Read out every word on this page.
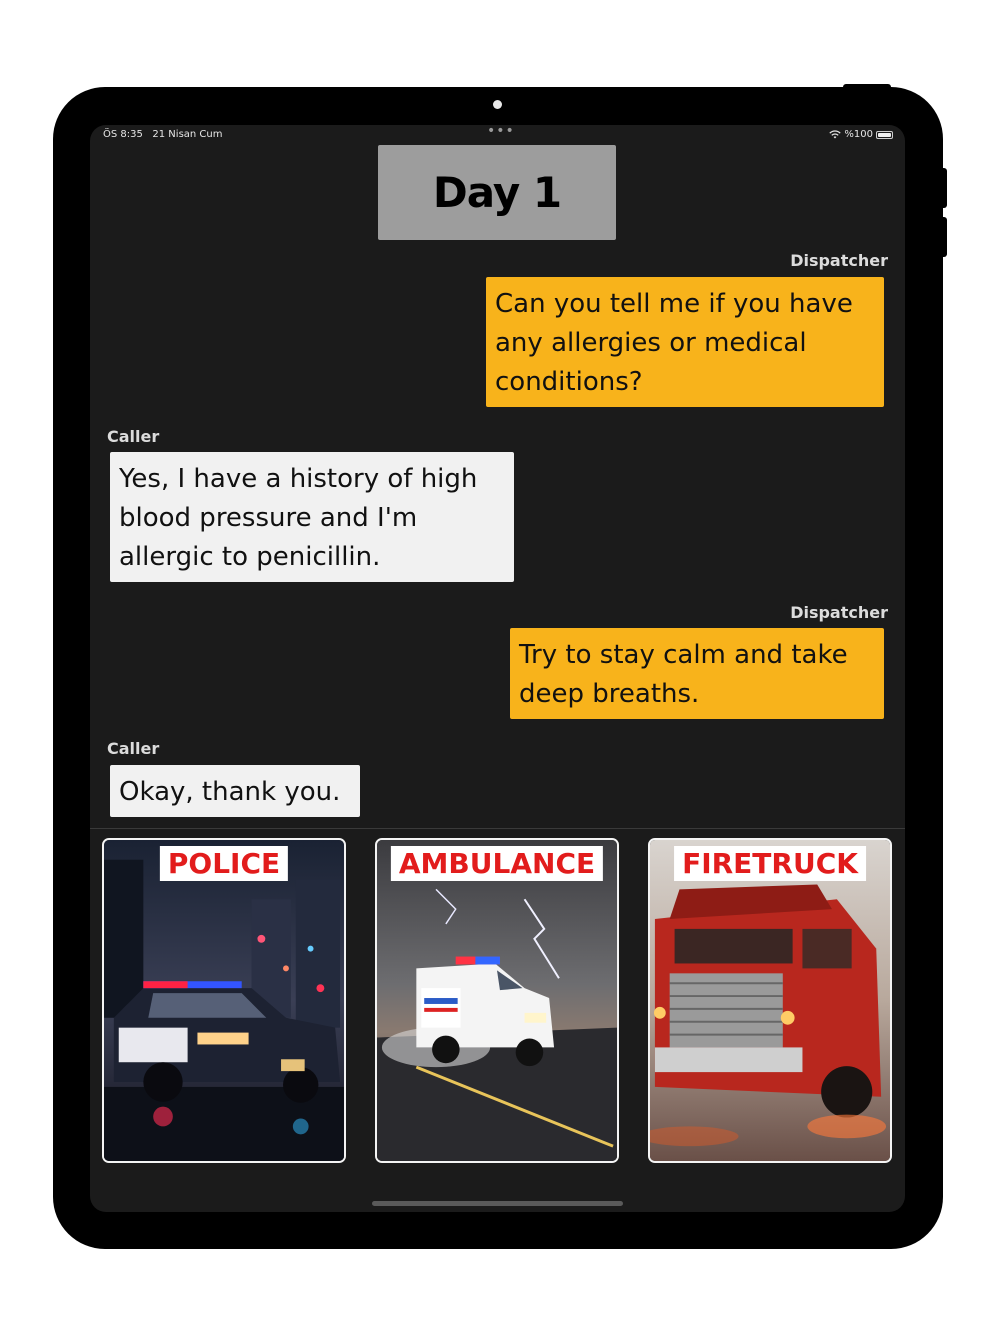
ÖS 8:35 21 Nisan Cum	•••	%100
Day 1
Dispatcher
Can you tell me if you have any allergies or medical conditions?
Caller
Yes, I have a history of high blood pressure and I'm allergic to penicillin.
Dispatcher
Try to stay calm and take deep breaths.
Caller
Okay, thank you.
POLICE	AMBULANCE	FIRETRUCK
